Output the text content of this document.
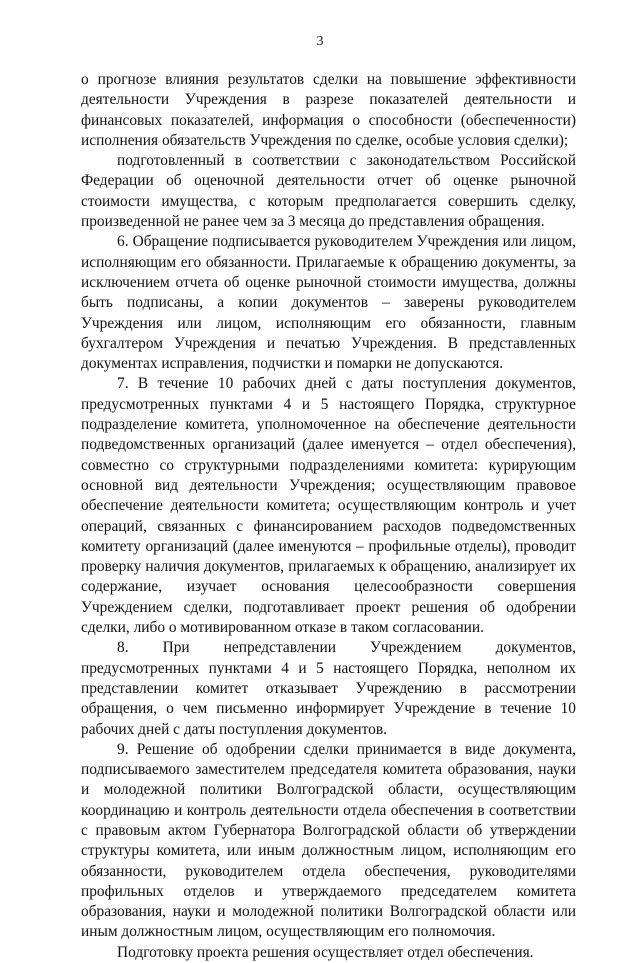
3

о прогнозе влияния результатов сделки на повышение эффективности деятельности Учреждения в разрезе показателей деятельности и финансовых показателей, информация о способности (обеспеченности) исполнения обязательств Учреждения по сделке, особые условия сделки);

подготовленный в соответствии с законодательством Российской Федерации об оценочной деятельности отчет об оценке рыночной стоимости имущества, с которым предполагается совершить сделку, произведенной не ранее чем за 3 месяца до представления обращения.

6. Обращение подписывается руководителем Учреждения или лицом, исполняющим его обязанности. Прилагаемые к обращению документы, за исключением отчета об оценке рыночной стоимости имущества, должны быть подписаны, а копии документов – заверены руководителем Учреждения или лицом, исполняющим его обязанности, главным бухгалтером Учреждения и печатью Учреждения. В представленных документах исправления, подчистки и помарки не допускаются.

7. В течение 10 рабочих дней с даты поступления документов, предусмотренных пунктами 4 и 5 настоящего Порядка, структурное подразделение комитета, уполномоченное на обеспечение деятельности подведомственных организаций (далее именуется – отдел обеспечения), совместно со структурными подразделениями комитета: курирующим основной вид деятельности Учреждения; осуществляющим правовое обеспечение деятельности комитета; осуществляющим контроль и учет операций, связанных с финансированием расходов подведомственных комитету организаций (далее именуются – профильные отделы), проводит проверку наличия документов, прилагаемых к обращению, анализирует их содержание, изучает основания целесообразности совершения Учреждением сделки, подготавливает проект решения об одобрении сделки, либо о мотивированном отказе в таком согласовании.

8. При непредставлении Учреждением документов, предусмотренных пунктами 4 и 5 настоящего Порядка, неполном их представлении комитет отказывает Учреждению в рассмотрении обращения, о чем письменно информирует Учреждение в течение 10 рабочих дней с даты поступления документов.

9. Решение об одобрении сделки принимается в виде документа, подписываемого заместителем председателя комитета образования, науки и молодежной политики Волгоградской области, осуществляющим координацию и контроль деятельности отдела обеспечения в соответствии с правовым актом Губернатора Волгоградской области об утверждении структуры комитета, или иным должностным лицом, исполняющим его обязанности, руководителем отдела обеспечения, руководителями профильных отделов и утверждаемого председателем комитета образования, науки и молодежной политики Волгоградской области или иным должностным лицом, осуществляющим его полномочия.

Подготовку проекта решения осуществляет отдел обеспечения.
